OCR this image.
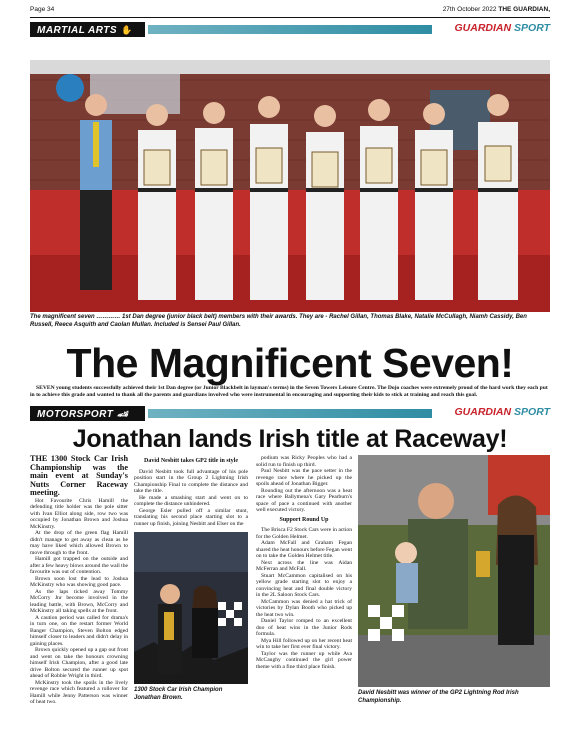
Page 34	27th October 2022 THE GUARDIAN,
MARTIAL ARTS ✋	GUARDIAN SPORT
The magnificent seven ………… 1st Dan degree (junior black belt) members with their awards. They are - Rachel Gillan, Thomas Blake, Natalie McCullagh, Niamh Cassidy, Ben Russell, Reece Asquith and Caolan Mullan. Included is Sensei Paul Gillan.
The Magnificent Seven!
SEVEN young students successfully achieved their 1st Dan degree (or Junior Blackbelt in layman's terms) in the Seven Towers Leisure Centre. The Dojo coaches were extremely proud of the hard work they each put in to achieve this grade and wanted to thank all the parents and guardians involved who were instrumental in encouraging and supporting their kids to stick at training and reach this goal.
MOTORSPORT 🏎	GUARDIAN SPORT
Jonathan lands Irish title at Raceway!

THE 1300 Stock Car Irish Championship was the main event at Sunday's Nutts Corner Raceway meeting.

Hot Favourite Chris Hamill the defending title holder was the pole sitter with Ivan Elliot along side, row two was occupied by Jonathan Brown and Joshua McKinstry.

At the drop of the green flag Hamill didn't manage to get away as clean as he may have liked which allowed Brown to move through to the front.

Hamill got trapped on the outside and after a few heavy blows around the wall the favourite was out of contention.

Brown soon lost the lead to Joshua McKinstry who was showing good pace.

As the laps ticked away Tommy McCorry Jnr become involved in the leading battle, with Brown, McCorry and McKinstry all taking spells at the front.

A caution period was called for drama's in turn one, on the restart former World Banger Champion, Steven Bolton edged himself closer to leaders and didn't delay in gaining places.

Brown quickly opened up a gap out front and went on take the honours crowning himself Irish Champion, after a good late drive Bolton secured the runner up spot ahead of Robbie Wright in third.

McKinstry took the spoils in the lively revenge race which featured a rollover for Hamill while Jenny Patterson was winner of heat two.

David Nesbitt takes GP2 title in style

David Nesbitt took full advantage of his pole position start in the Group 2 Lightning Irish Championship Final to complete the distance and take the title.

He made a smashing start and went on to complete the distance unhindered.

George Esler pulled off a similar stunt, translating his second place starting slot to a runner up finish, joining Nesbitt and Elser on the

1300 Stock Car Irish Champion Jonathan Brown.

podium was Ricky Peoples who had a solid run to finish up third.

Paul Nesbitt was the pace setter in the revenge race where he picked up the spoils ahead of Jonathan Bigger.

Rounding out the afternoon was a heat race where Ballymena's Gary Pearburn's space of pace a continued with another well executed victory.

Support Round Up

The Brisca F2 Stock Cars were in action for the Golden Helmet.

Adam McFall and Graham Fegan shared the heat honours before Fegan went on to take the Golden Helmet title.

Next across the line was Aidan McFerran and McFall.

Stuart McCammon capitalised on his yellow grade starting slot to enjoy a convincing heat and final double victory in the 2L Saloon Stock Cars.

McCammon was denied a hat trick of victories by Dylan Booth who picked up the heat two win.

Daniel Taylor romped to an excellent duo of heat wins in the Junior Rods formula.

Mya Hill followed up on her recent heat win to take her first ever final victory.

Taylor was the runner up while Ava McCaughy continued the girl power theme with a fine third place finish.

David Nesbitt was winner of the GP2 Lightning Rod Irish Championship.
